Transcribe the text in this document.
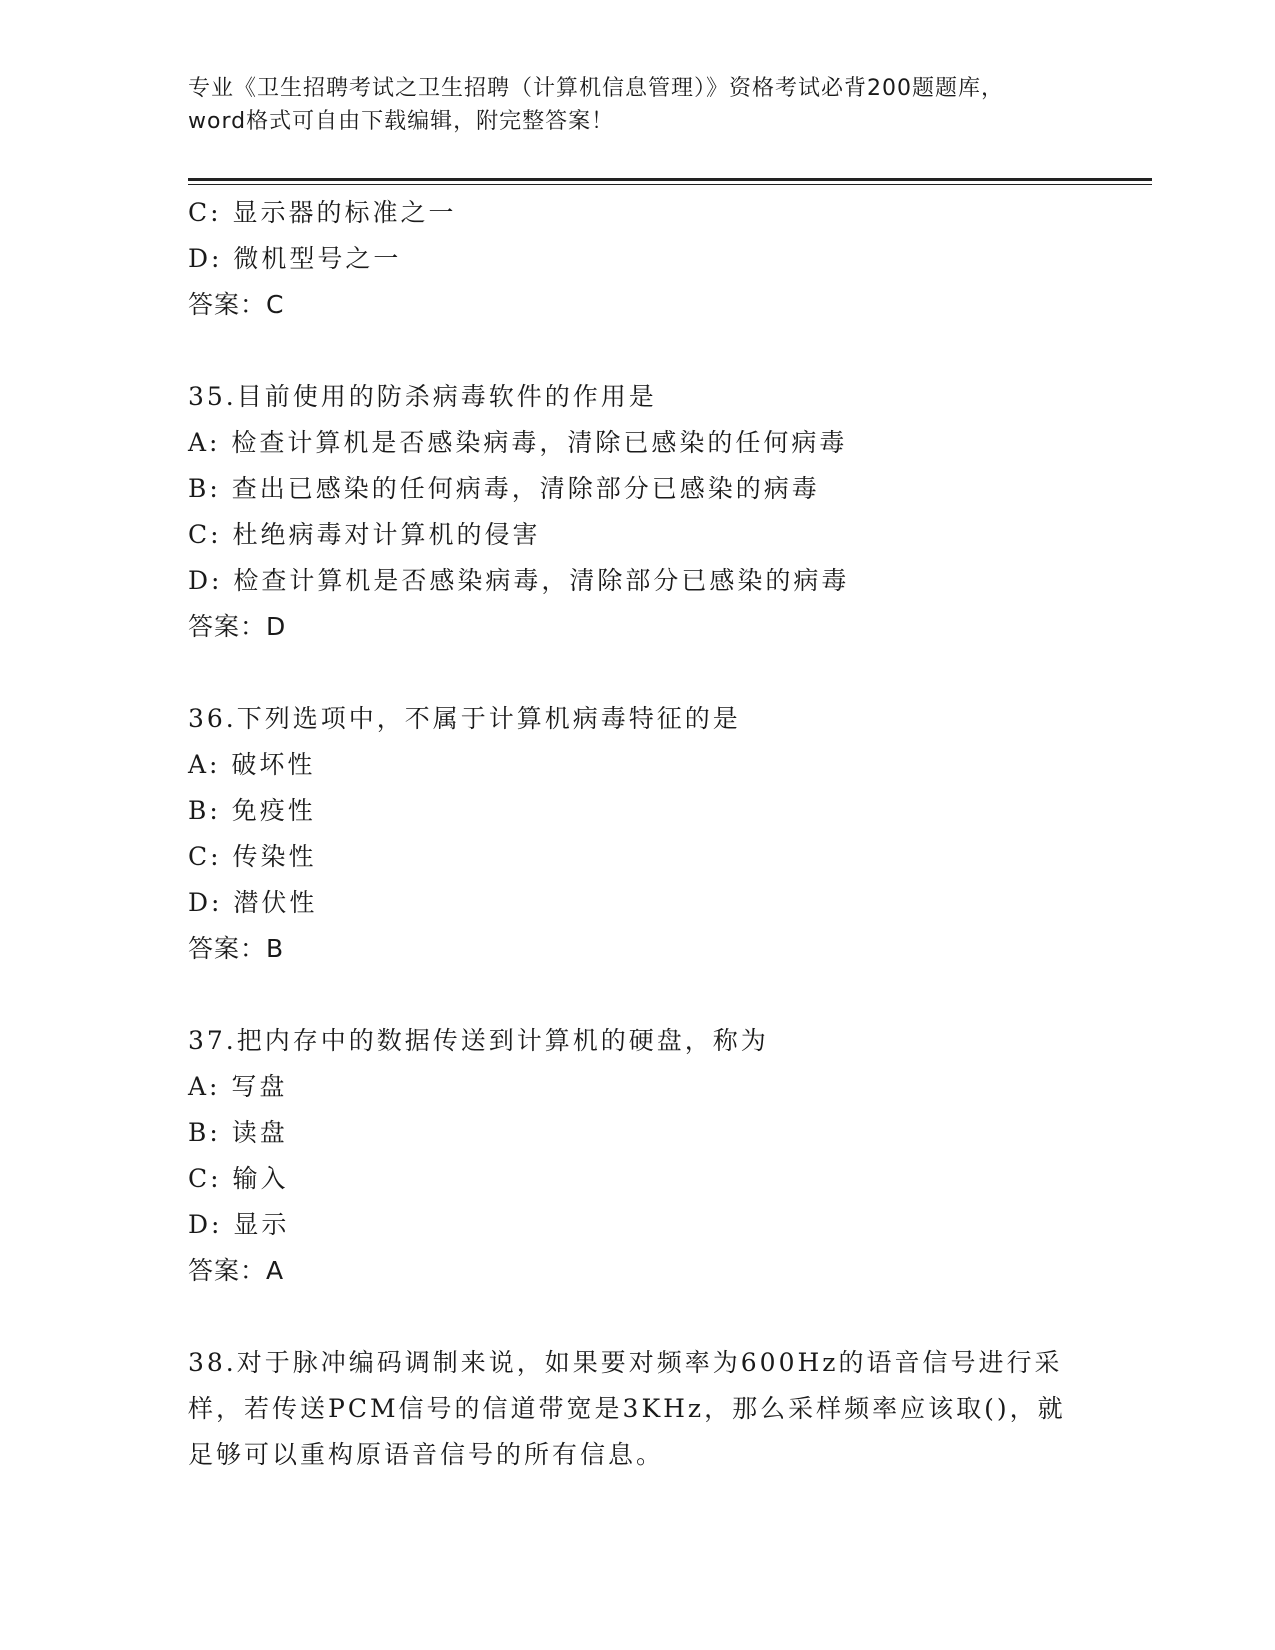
专业《卫生招聘考试之卫生招聘（计算机信息管理）》资格考试必背200题题库，
word格式可自由下载编辑，附完整答案！
C: 显示器的标准之一
D: 微机型号之一
答案：C
35.目前使用的防杀病毒软件的作用是
A: 检查计算机是否感染病毒，清除已感染的任何病毒
B: 查出已感染的任何病毒，清除部分已感染的病毒
C: 杜绝病毒对计算机的侵害
D: 检查计算机是否感染病毒，清除部分已感染的病毒
答案：D
36.下列选项中，不属于计算机病毒特征的是
A: 破坏性
B: 免疫性
C: 传染性
D: 潜伏性
答案：B
37.把内存中的数据传送到计算机的硬盘，称为
A: 写盘
B: 读盘
C: 输入
D: 显示
答案：A
38.对于脉冲编码调制来说，如果要对频率为600Hz的语音信号进行采样，若传送PCM信号的信道带宽是3KHz，那么采样频率应该取()，就足够可以重构原语音信号的所有信息。
